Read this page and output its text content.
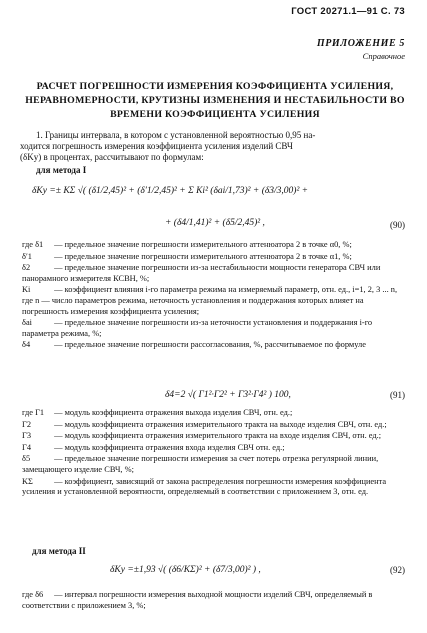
ГОСТ 20271.1—91 С. 73
ПРИЛОЖЕНИЕ 5
Справочное
РАСЧЕТ ПОГРЕШНОСТИ ИЗМЕРЕНИЯ КОЭФФИЦИЕНТА УСИЛЕНИЯ, НЕРАВНОМЕРНОСТИ, КРУТИЗНЫ ИЗМЕНЕНИЯ И НЕСТАБИЛЬНОСТИ ВО ВРЕМЕНИ КОЭФФИЦИЕНТА УСИЛЕНИЯ
1. Границы интервала, в котором с установленной вероятностью 0,95 на-
ходится погрешность измерения коэффициента усиления изделий СВЧ
(δKу) в процентах, рассчитывают по формулам:
для метода I
δKу =± KΣ √( (δ1/2,45)² + (δ′1/2,45)² + Σ Ki² (δai/1,73)² + (δ3/3,00)² +
+ (δ4/1,41)² + (δ5/2,45)² ,	(90)
где δ1 — предельное значение погрешности измерительного аттенюатора 2 в точке α0, %;
δ′1	— предельное значение погрешности измерительного аттенюатора 2 в точке α1, %;
δ2	— предельное значение погрешности из-за нестабильности мощности генератора СВЧ или панорамного измерителя КСВН, %;
Ki	— коэффициент влияния i-го параметра режима на измеряемый параметр, отн. ед., i=1, 2, 3 ... n, где n — число параметров режима, неточность установления и поддержания которых влияет на погрешность измерения коэффициента усиления;
δai	— предельное значение погрешности из-за неточности установления и поддержания i-го параметра режима, %;
δ4	— предельное значение погрешности рассогласования, %, рассчитываемое по формуле
δ4=2 √( Г1²·Г2² + Г3²·Г4² ) 100,	(91)
где Г1 — модуль коэффициента отражения выхода изделия СВЧ, отн. ед.;
Г2	— модуль коэффициента отражения измерительного тракта на выходе изделия СВЧ, отн. ед.;
Г3	— модуль коэффициента отражения измерительного тракта на входе изделия СВЧ, отн. ед.;
Г4	— модуль коэффициента отражения входа изделия СВЧ отн. ед.;
δ5	— предельное значение погрешности измерения за счет потерь отрезка регулярной линии, замещающего изделие СВЧ, %;
KΣ	— коэффициент, зависящий от закона распределения погрешности измерения коэффициента усиления и установленной вероятности, определяемый в соответствии с приложением 3, отн. ед.
для метода II
δKу =±1,93 √( (δ6/KΣ)² + (δ7/3,00)² ) ,	(92)
где δ6 — интервал погрешности измерения выходной мощности изделий СВЧ, определяемый в соответствии с приложением 3, %;
